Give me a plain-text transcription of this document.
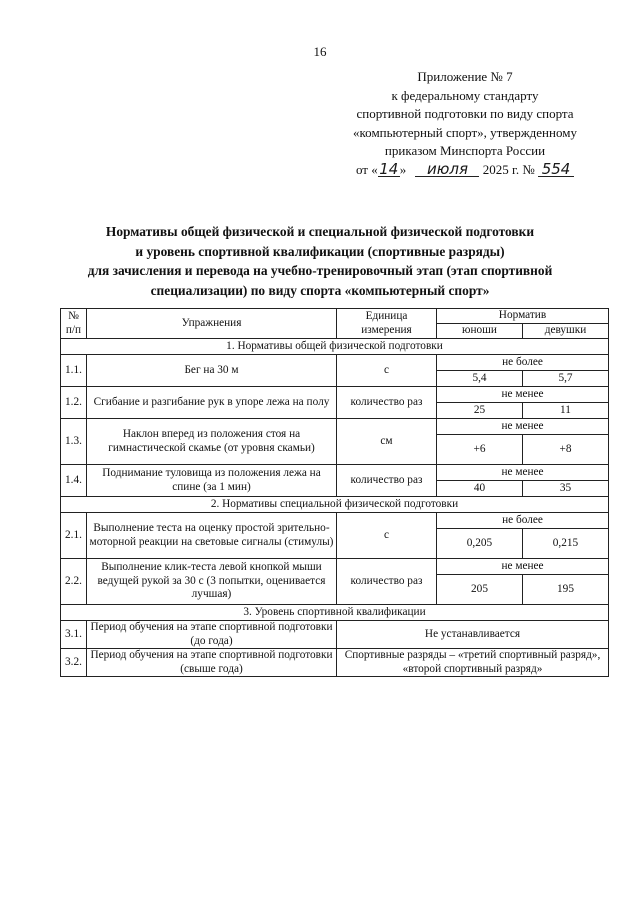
16
Приложение № 7
к федеральному стандарту
спортивной подготовки по виду спорта
«компьютерный спорт», утвержденному
приказом Минспорта России
от «14» июля 2025 г. № 554
Нормативы общей физической и специальной физической подготовки
и уровень спортивной квалификации (спортивные разряды)
для зачисления и перевода на учебно-тренировочный этап (этап спортивной
специализации) по виду спорта «компьютерный спорт»
№ п/п	Упражнения	Единица измерения	Норматив	
			юноши	девушки
1. Нормативы общей физической подготовки				
1.1.	Бег на 30 м	с	не более	
			5,4	5,7
1.2.	Сгибание и разгибание рук в упоре лежа на полу	количество раз	не менее	
			25	11
1.3.	Наклон вперед из положения стоя на гимнастической скамье (от уровня скамьи)	см	не менее	
			+6	+8
1.4.	Поднимание туловища из положения лежа на спине (за 1 мин)	количество раз	не менее	
			40	35
2. Нормативы специальной физической подготовки				
2.1.	Выполнение теста на оценку простой зрительно-моторной реакции на световые сигналы (стимулы)	с	не более	
			0,205	0,215
2.2.	Выполнение клик-теста левой кнопкой мыши ведущей рукой за 30 с (3 попытки, оценивается лучшая)	количество раз	не менее	
			205	195
3. Уровень спортивной квалификации				
3.1.	Период обучения на этапе спортивной подготовки (до года)	Не устанавливается		
3.2.	Период обучения на этапе спортивной подготовки (свыше года)	Спортивные разряды – «третий спортивный разряд», «второй спортивный разряд»		
